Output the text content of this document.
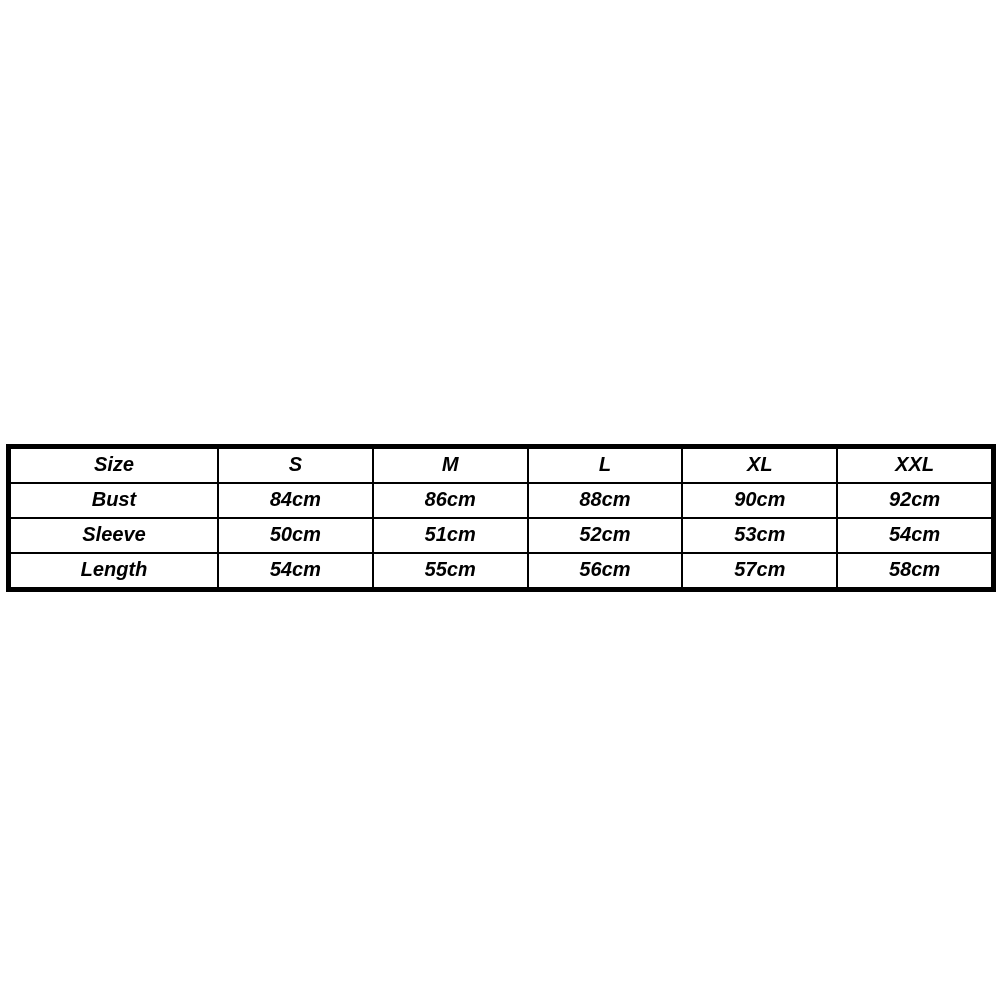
Size	S	M	L	XL	XXL
Bust	84cm	86cm	88cm	90cm	92cm
Sleeve	50cm	51cm	52cm	53cm	54cm
Length	54cm	55cm	56cm	57cm	58cm
